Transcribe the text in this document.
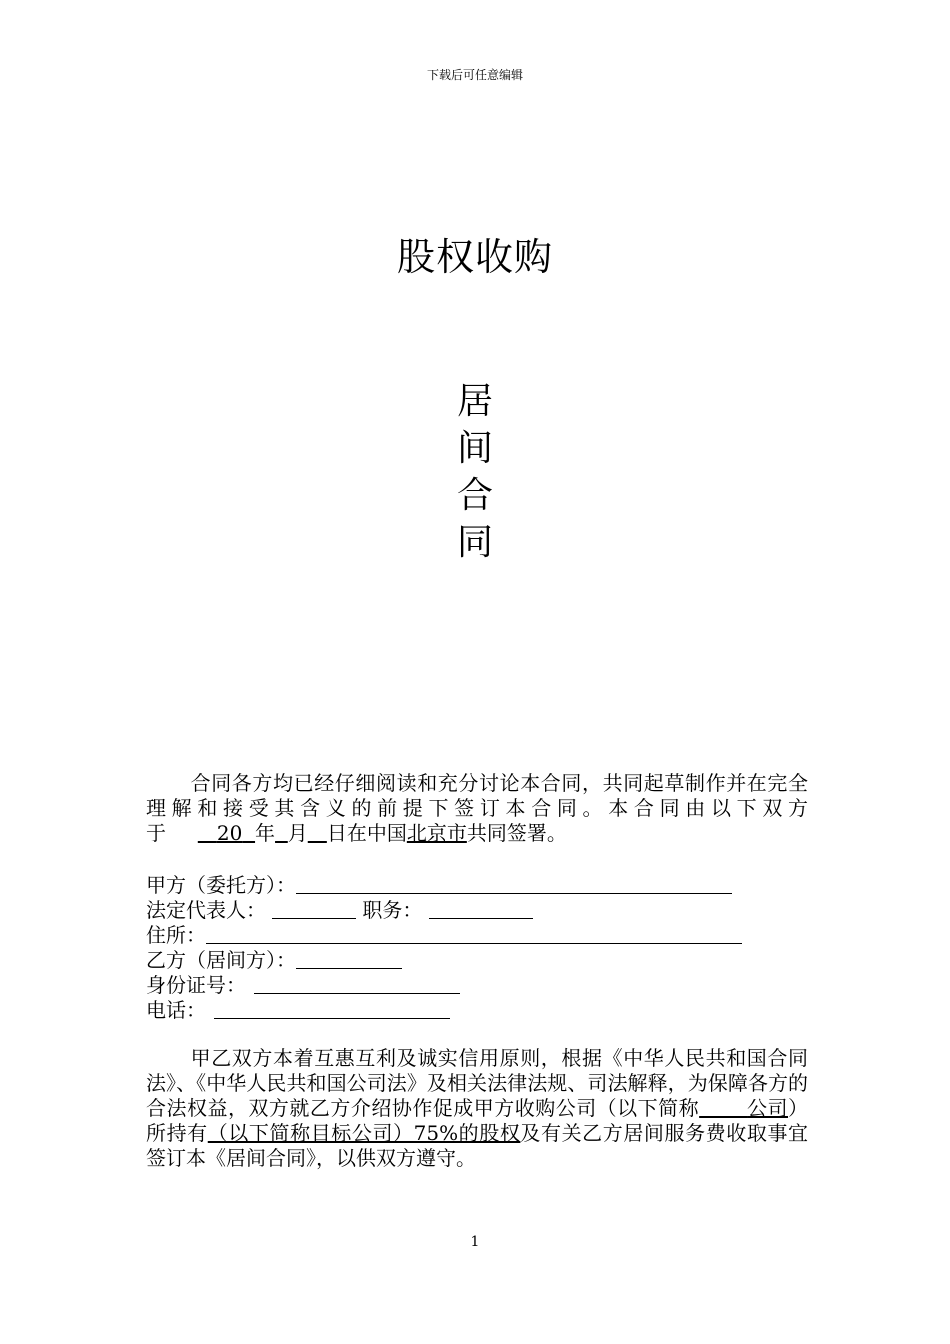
下载后可任意编辑
股权收购
居
间
合
同
合同各方均已经仔细阅读和充分讨论本合同，共同起草制作并在完全理解和接受其含义的前提下签订本合同。本合同由以下双方于	20 年 月 日在中国北京市共同签署。
甲方（委托方）：
法定代表人：	职务：
住所：
乙方（居间方）：
身份证号：
电话：
甲乙双方本着互惠互利及诚实信用原则，根据《中华人民共和国合同法》、《中华人民共和国公司法》及相关法律法规、司法解释，为保障各方的合法权益，双方就乙方介绍协作促成甲方收购公司（以下简称 公司）所持有（以下简称目标公司）75%的股权及有关乙方居间服务费收取事宜签订本《居间合同》，以供双方遵守。
1
